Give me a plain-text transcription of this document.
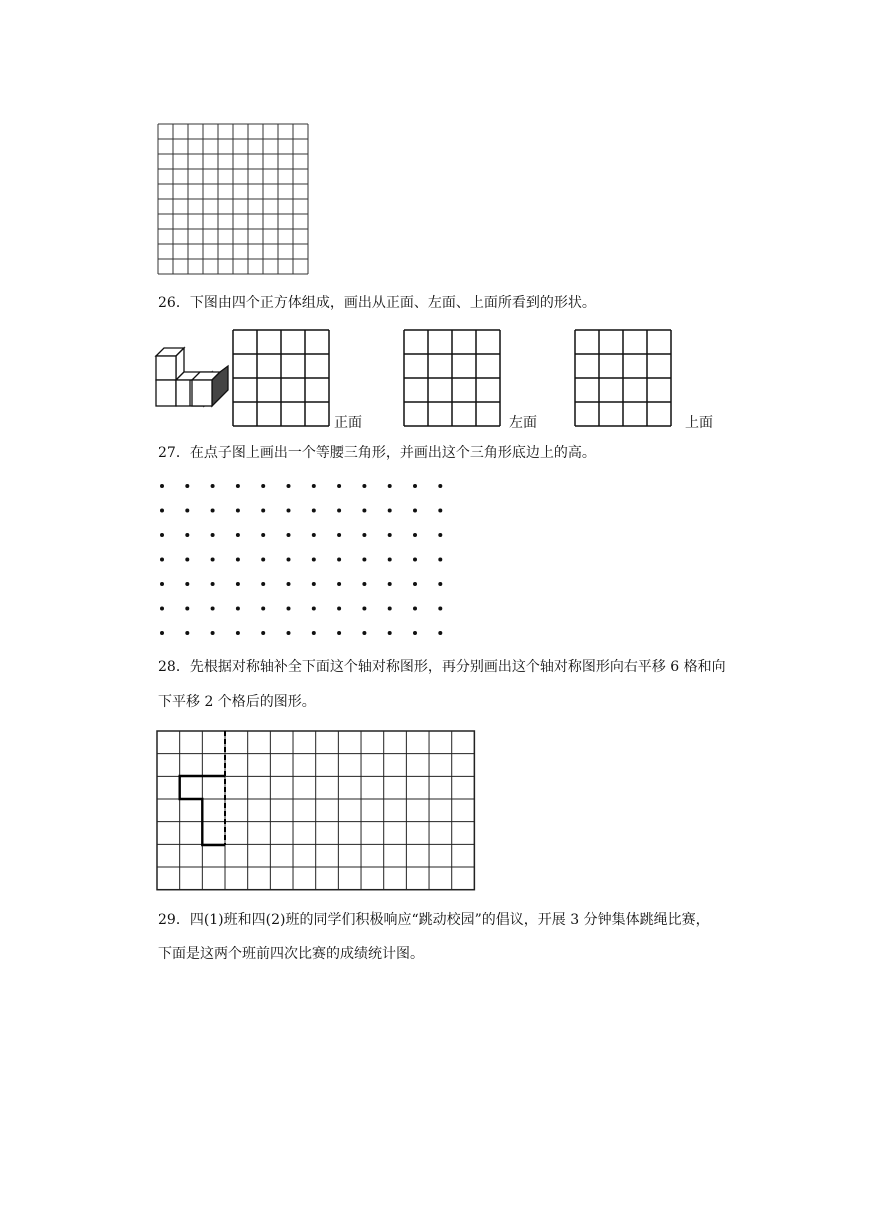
26．下图由四个正方体组成，画出从正面、左面、上面所看到的形状。
正面	左面	上面
27．在点子图上画出一个等腰三角形，并画出这个三角形底边上的高。
28．先根据对称轴补全下面这个轴对称图形，再分别画出这个轴对称图形向右平移 6 格和向
下平移 2 个格后的图形。
29．四(1)班和四(2)班的同学们积极响应“跳动校园”的倡议，开展 3 分钟集体跳绳比赛，
下面是这两个班前四次比赛的成绩统计图。
